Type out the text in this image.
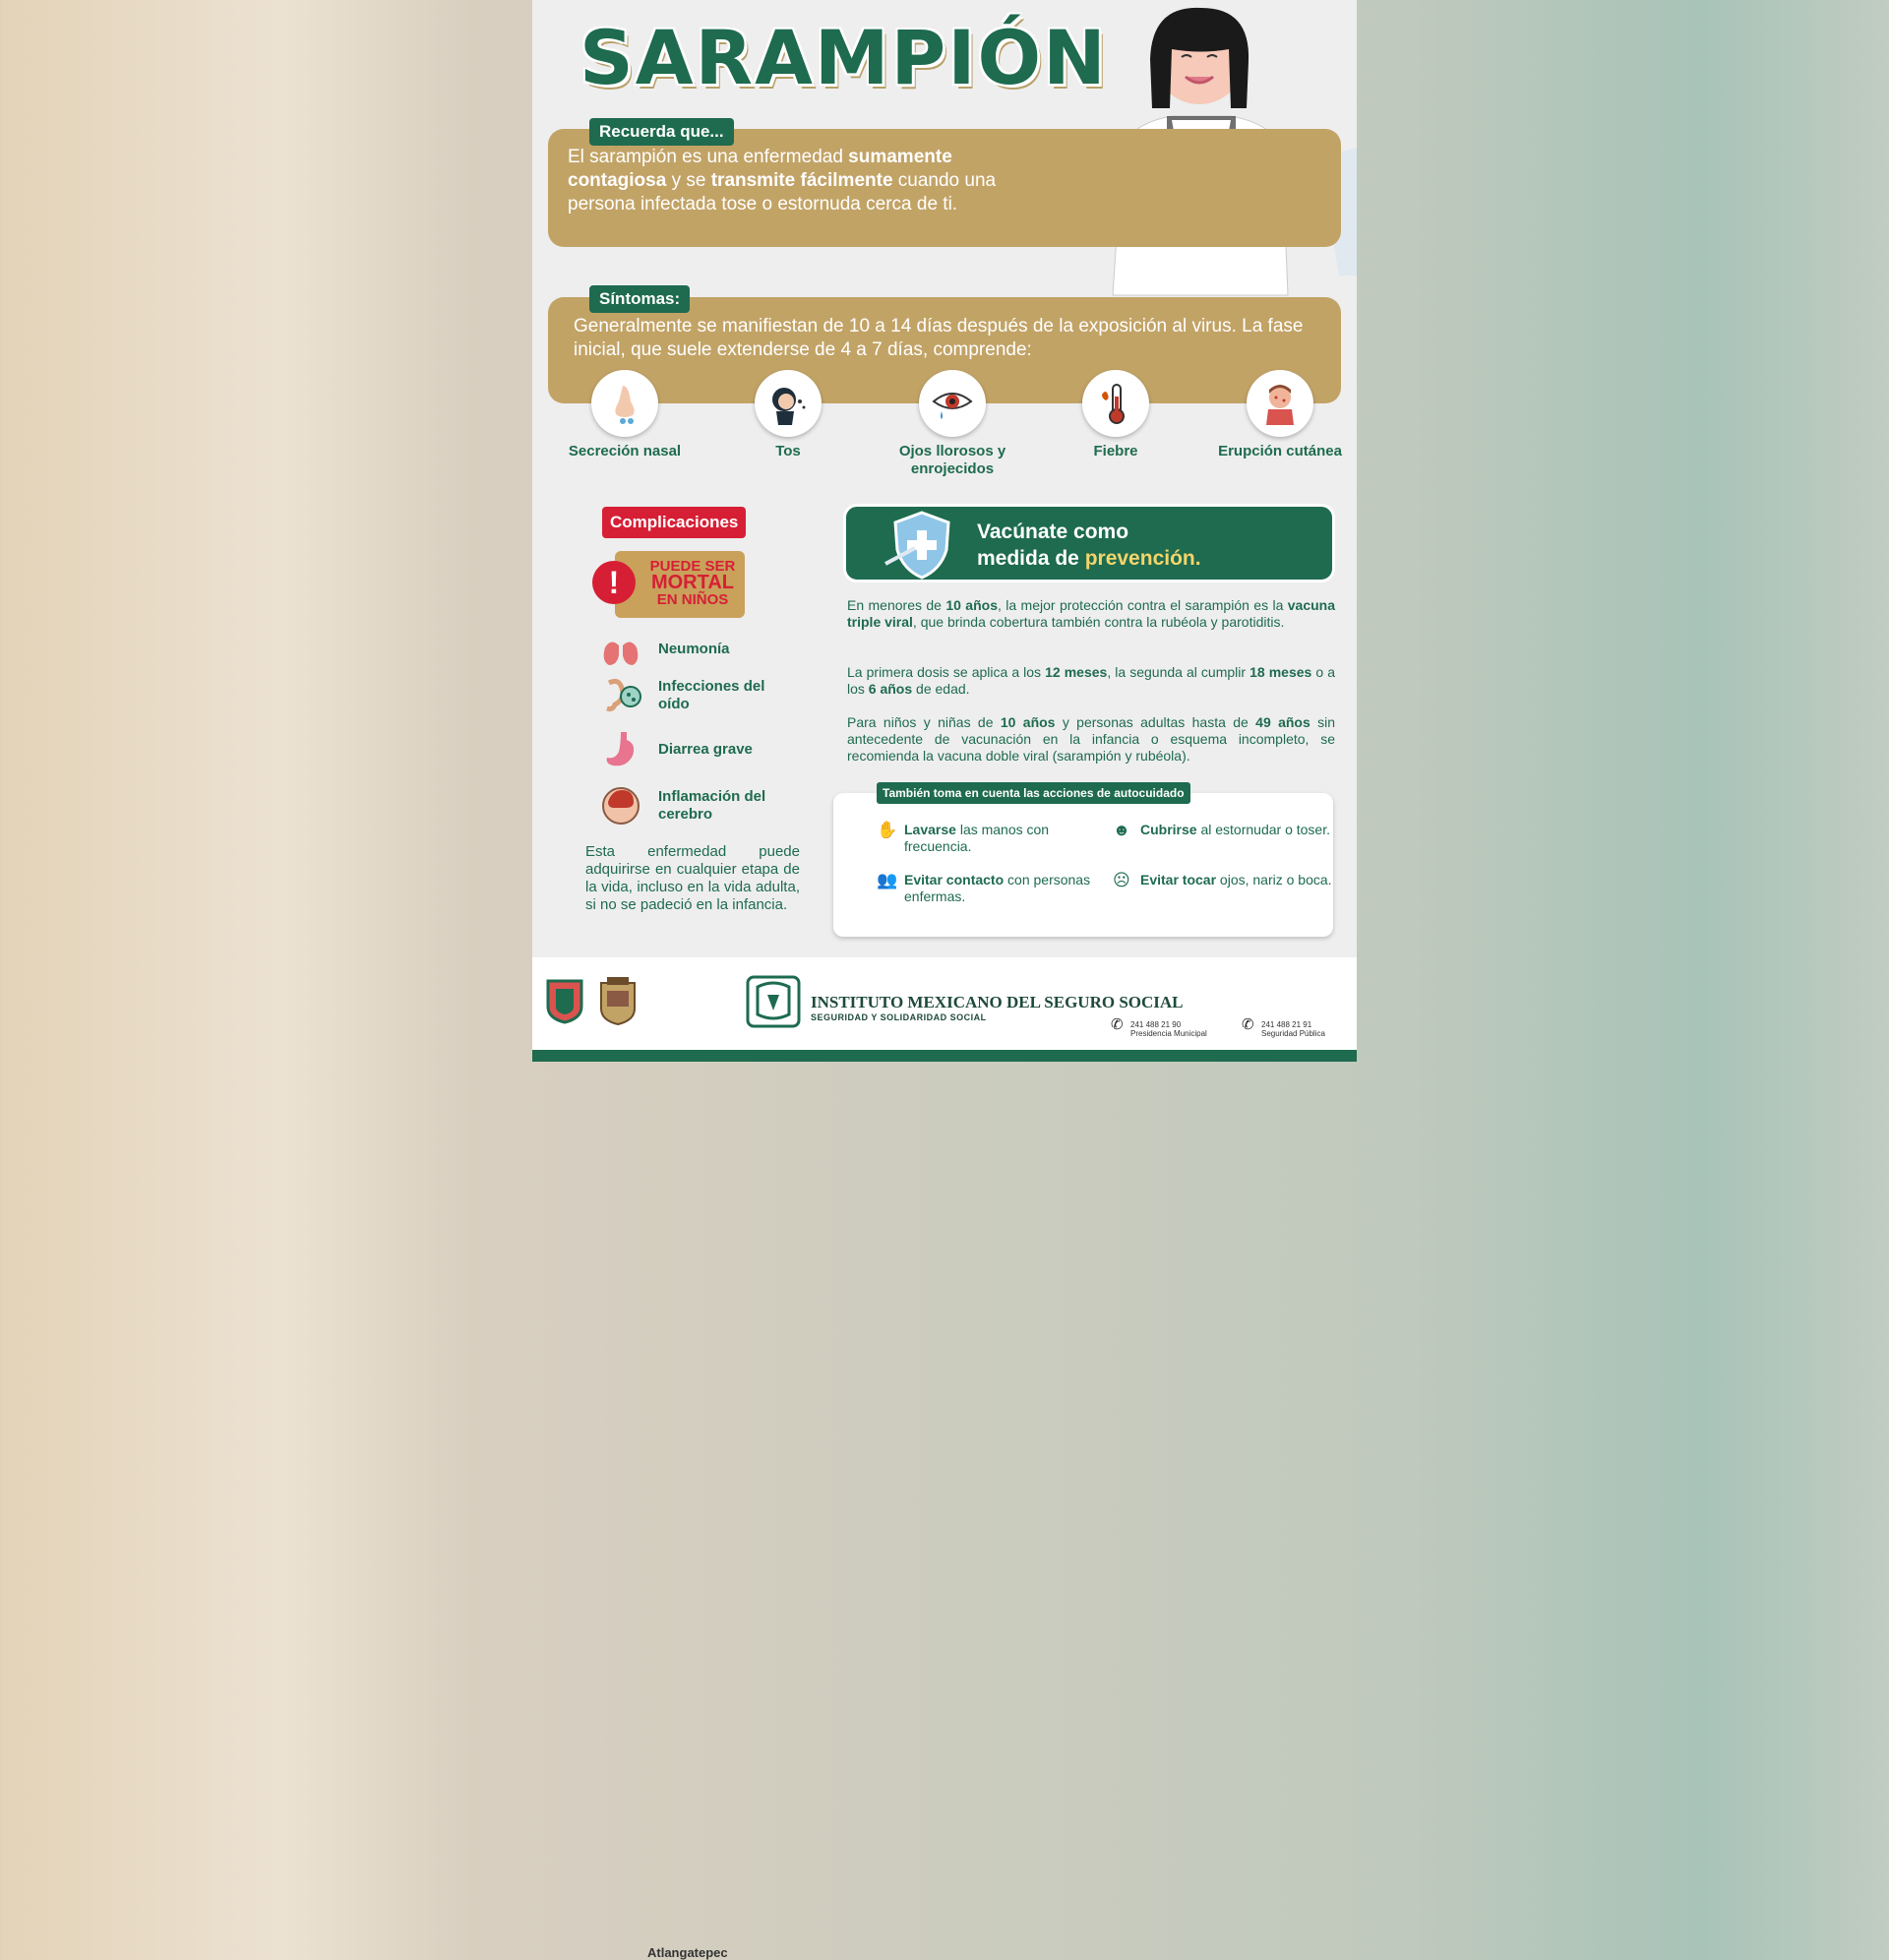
SARAMPIÓN
Recuerda que...
El sarampión es una enfermedad sumamente contagiosa y se transmite fácilmente cuando una persona infectada tose o estornuda cerca de ti.
Síntomas:
Generalmente se manifiestan de 10 a 14 días después de la exposición al virus. La fase inicial, que suele extenderse de 4 a 7 días, comprende:
Secreción nasal	Tos	Ojos llorosos y enrojecidos
Fiebre	Erupción cutánea
Complicaciones
!	PUEDE SER
MORTAL
EN NIÑOS
Neumonía
Infecciones del oído
Diarrea grave
Inflamación del cerebro
Esta enfermedad puede adquirirse en cualquier etapa de la vida, incluso en la vida adulta, si no se padeció en la infancia.
Vacúnate como
medida de prevención.
En menores de 10 años, la mejor protección contra el sarampión es la vacuna triple viral, que brinda cobertura también contra la rubéola y parotiditis.
La primera dosis se aplica a los 12 meses, la segunda al cumplir 18 meses o a los 6 años de edad.
Para niños y niñas de 10 años y personas adultas hasta de 49 años sin antecedente de vacunación en la infancia o esquema incompleto, se recomienda la vacuna doble viral (sarampión y rubéola).
También toma en cuenta las acciones de autocuidado
✋ Lavarse las manos con frecuencia.
☻ Cubrirse al estornudar o toser.
👥 Evitar contacto con personas enfermas.
☹ Evitar tocar ojos, nariz o boca.
Atlangatepec
INSTITUTO MEXICANO DEL SEGURO SOCIAL
SEGURIDAD Y SOLIDARIDAD SOCIAL	✆ 241 488 21 90
Presidencia Municipal
✆ 241 488 21 91
Seguridad Pública
